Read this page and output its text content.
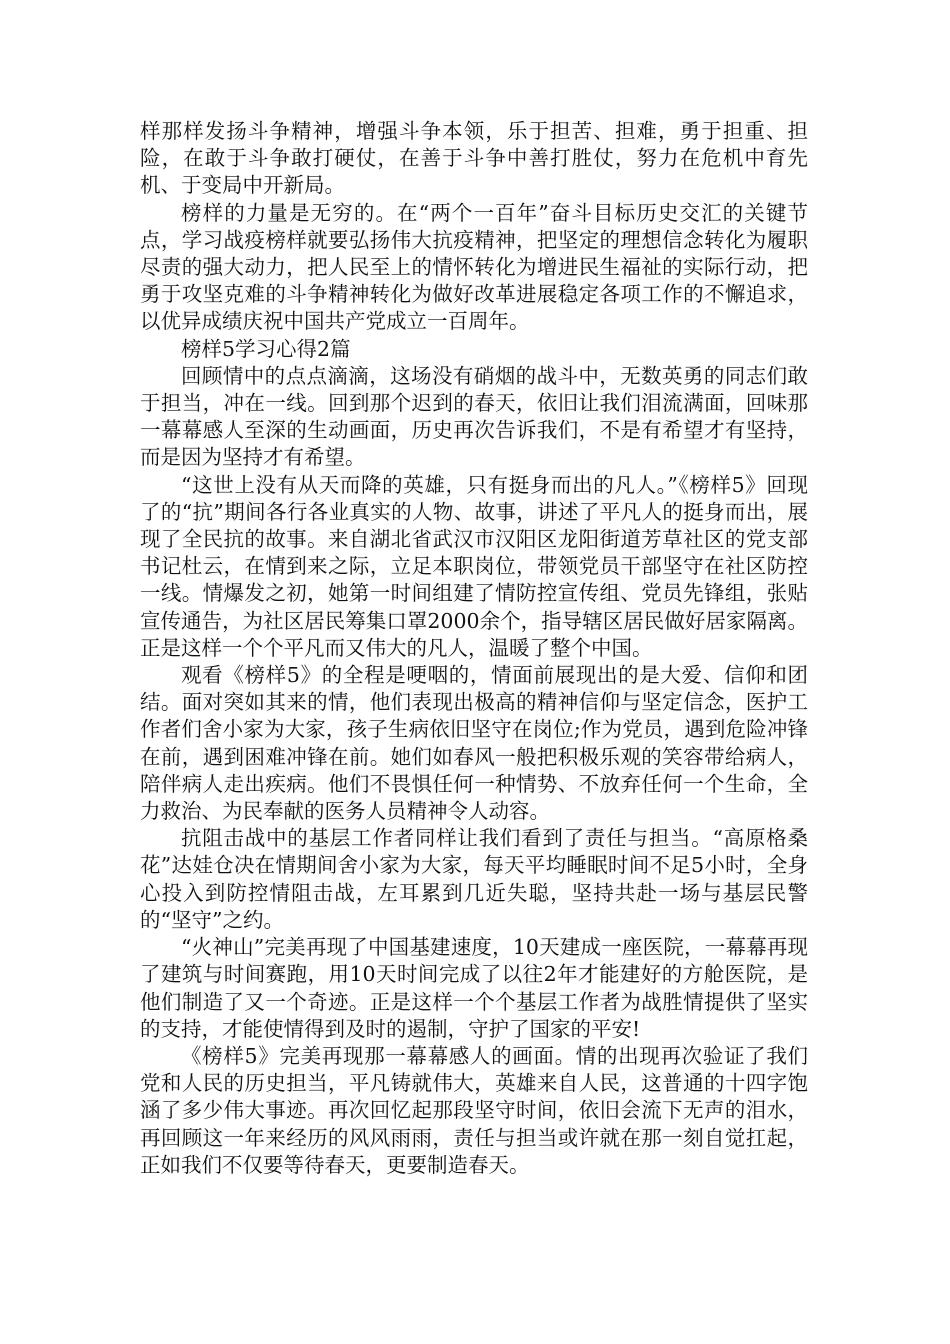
样那样发扬斗争精神，增强斗争本领，乐于担苦、担难，勇于担重、担险，在敢于斗争敢打硬仗，在善于斗争中善打胜仗，努力在危机中育先机、于变局中开新局。

榜样的力量是无穷的。在“两个一百年”奋斗目标历史交汇的关键节点，学习战疫榜样就要弘扬伟大抗疫精神，把坚定的理想信念转化为履职尽责的强大动力，把人民至上的情怀转化为增进民生福祉的实际行动，把勇于攻坚克难的斗争精神转化为做好改革进展稳定各项工作的不懈追求，以优异成绩庆祝中国共产党成立一百周年。

榜样5学习心得2篇

回顾情中的点点滴滴，这场没有硝烟的战斗中，无数英勇的同志们敢于担当，冲在一线。回到那个迟到的春天，依旧让我们泪流满面，回味那一幕幕感人至深的生动画面，历史再次告诉我们，不是有希望才有坚持，而是因为坚持才有希望。

“这世上没有从天而降的英雄，只有挺身而出的凡人。”《榜样5》回现了的“抗”期间各行各业真实的人物、故事，讲述了平凡人的挺身而出，展现了全民抗的故事。来自湖北省武汉市汉阳区龙阳街道芳草社区的党支部书记杜云，在情到来之际，立足本职岗位，带领党员干部坚守在社区防控一线。情爆发之初，她第一时间组建了情防控宣传组、党员先锋组，张贴宣传通告，为社区居民筹集口罩2000余个，指导辖区居民做好居家隔离。正是这样一个个平凡而又伟大的凡人，温暖了整个中国。

观看《榜样5》的全程是哽咽的，情面前展现出的是大爱、信仰和团结。面对突如其来的情，他们表现出极高的精神信仰与坚定信念，医护工作者们舍小家为大家，孩子生病依旧坚守在岗位;作为党员，遇到危险冲锋在前，遇到困难冲锋在前。她们如春风一般把积极乐观的笑容带给病人，陪伴病人走出疾病。他们不畏惧任何一种情势、不放弃任何一个生命，全力救治、为民奉献的医务人员精神令人动容。

抗阻击战中的基层工作者同样让我们看到了责任与担当。“高原格桑花”达娃仓决在情期间舍小家为大家，每天平均睡眠时间不足5小时，全身心投入到防控情阻击战，左耳累到几近失聪，坚持共赴一场与基层民警的“坚守”之约。

“火神山”完美再现了中国基建速度，10天建成一座医院，一幕幕再现了建筑与时间赛跑，用10天时间完成了以往2年才能建好的方舱医院，是他们制造了又一个奇迹。正是这样一个个基层工作者为战胜情提供了坚实的支持，才能使情得到及时的遏制，守护了国家的平安!

《榜样5》完美再现那一幕幕感人的画面。情的出现再次验证了我们党和人民的历史担当，平凡铸就伟大，英雄来自人民，这普通的十四字饱涵了多少伟大事迹。再次回忆起那段坚守时间，依旧会流下无声的泪水，再回顾这一年来经历的风风雨雨，责任与担当或许就在那一刻自觉扛起，正如我们不仅要等待春天，更要制造春天。
